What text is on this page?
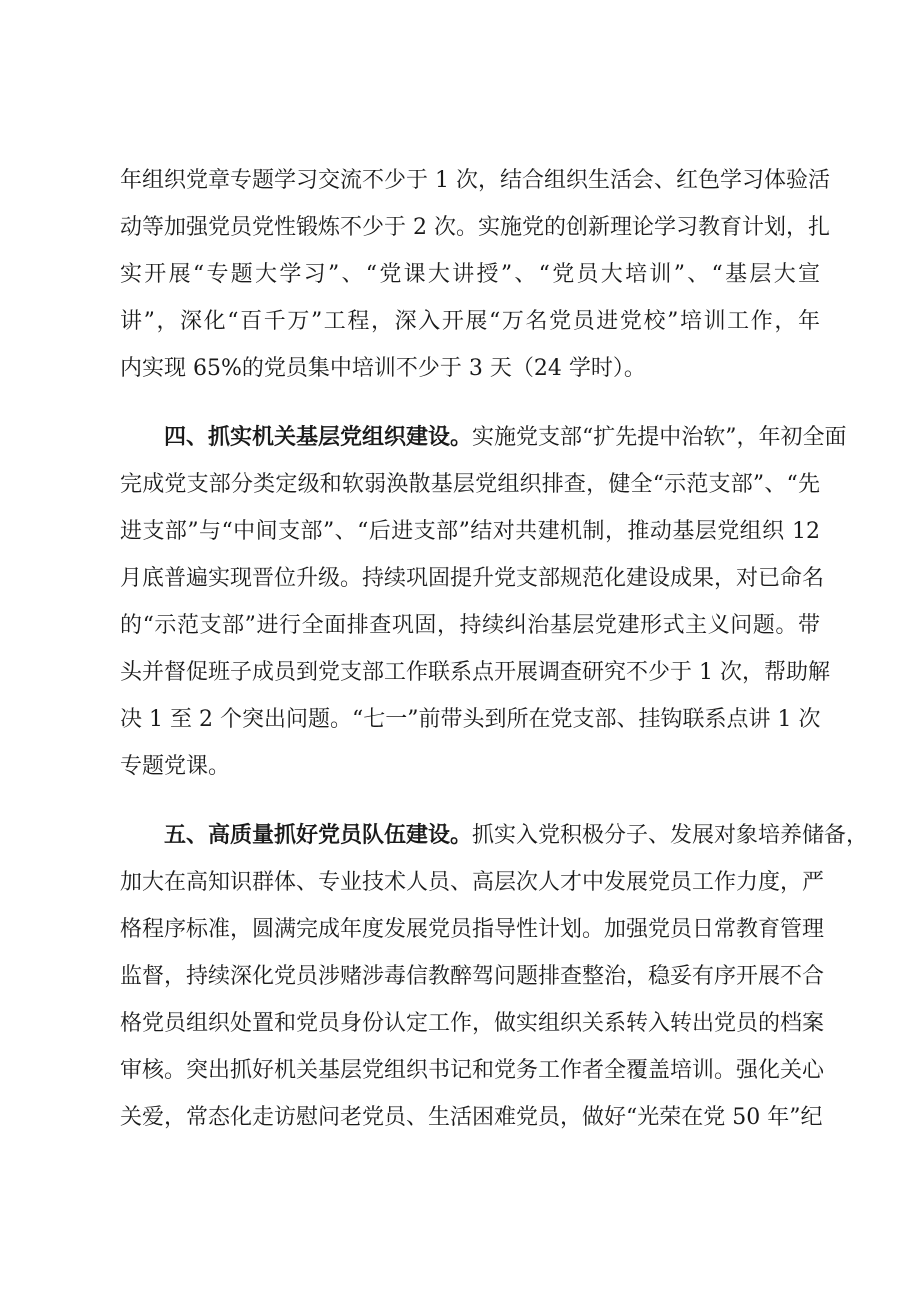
年组织党章专题学习交流不少于 1 次，结合组织生活会、红色学习体验活
动等加强党员党性锻炼不少于 2 次。实施党的创新理论学习教育计划，扎
实开展“专题大学习”、“党课大讲授”、“党员大培训”、“基层大宣
讲”，深化“百千万”工程，深入开展“万名党员进党校”培训工作，年
内实现 65%的党员集中培训不少于 3 天（24 学时）。
四、抓实机关基层党组织建设。实施党支部“扩先提中治软”，年初全面
完成党支部分类定级和软弱涣散基层党组织排查，健全“示范支部”、“先
进支部”与“中间支部”、“后进支部”结对共建机制，推动基层党组织 12
月底普遍实现晋位升级。持续巩固提升党支部规范化建设成果，对已命名
的“示范支部”进行全面排查巩固，持续纠治基层党建形式主义问题。带
头并督促班子成员到党支部工作联系点开展调查研究不少于 1 次，帮助解
决 1 至 2 个突出问题。“七一”前带头到所在党支部、挂钩联系点讲 1 次
专题党课。
五、高质量抓好党员队伍建设。抓实入党积极分子、发展对象培养储备，
加大在高知识群体、专业技术人员、高层次人才中发展党员工作力度，严
格程序标准，圆满完成年度发展党员指导性计划。加强党员日常教育管理
监督，持续深化党员涉赌涉毒信教醉驾问题排查整治，稳妥有序开展不合
格党员组织处置和党员身份认定工作，做实组织关系转入转出党员的档案
审核。突出抓好机关基层党组织书记和党务工作者全覆盖培训。强化关心
关爱，常态化走访慰问老党员、生活困难党员，做好“光荣在党 50 年”纪
